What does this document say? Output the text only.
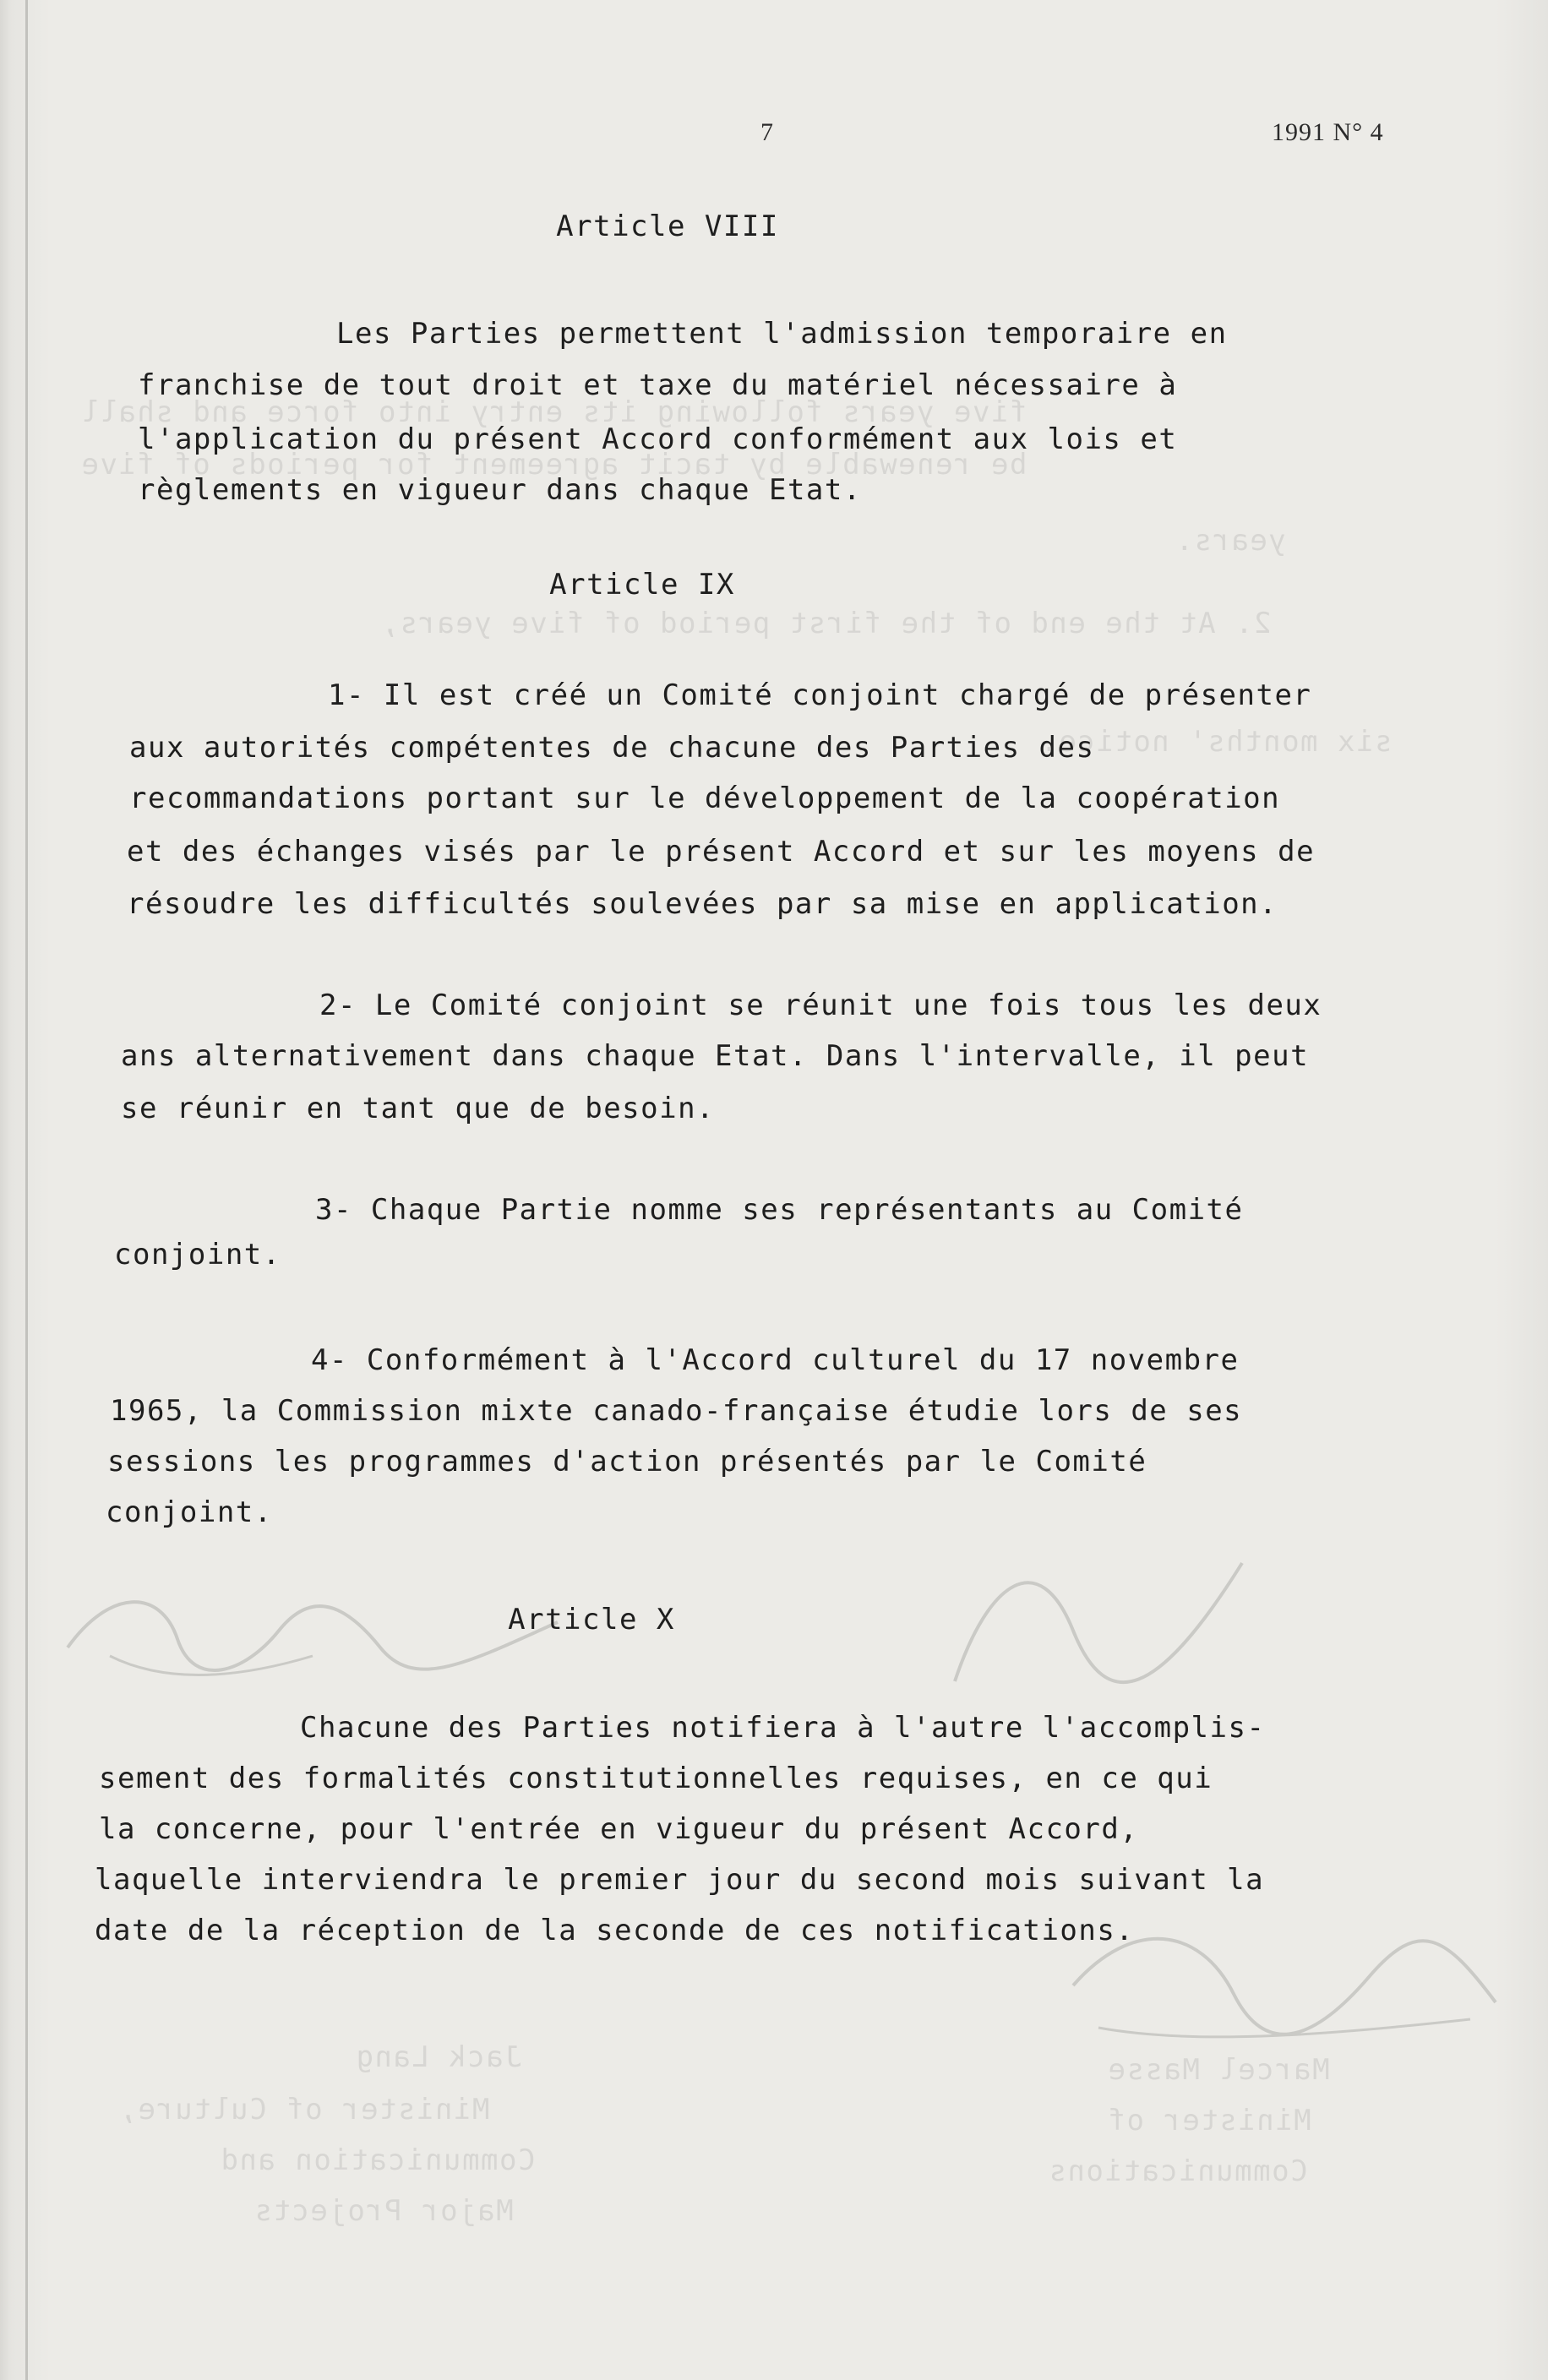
five years following its entry into force and shall
be renewable by tacit agreement for periods of five
years.
2. At the end of the first period of five years,
six months' notice.
Marcel Masse
Minister of
Communications
Jack Lang
Minister of Culture,
Communication and
Major Projects
7	1991 N° 4
Article VIII
Les Parties permettent l'admission temporaire en
franchise de tout droit et taxe du matériel nécessaire à
l'application du présent Accord conformément aux lois et
règlements en vigueur dans chaque Etat.
Article IX
1- Il est créé un Comité conjoint chargé de présenter
aux autorités compétentes de chacune des Parties des
recommandations portant sur le développement de la coopération
et des échanges visés par le présent Accord et sur les moyens de
résoudre les difficultés soulevées par sa mise en application.
2- Le Comité conjoint se réunit une fois tous les deux
ans alternativement dans chaque Etat. Dans l'intervalle, il peut
se réunir en tant que de besoin.
3- Chaque Partie nomme ses représentants au Comité
conjoint.
4- Conformément à l'Accord culturel du 17 novembre
1965, la Commission mixte canado-française étudie lors de ses
sessions les programmes d'action présentés par le Comité
conjoint.
Article X
Chacune des Parties notifiera à l'autre l'accomplis-
sement des formalités constitutionnelles requises, en ce qui
la concerne, pour l'entrée en vigueur du présent Accord,
laquelle interviendra le premier jour du second mois suivant la
date de la réception de la seconde de ces notifications.
